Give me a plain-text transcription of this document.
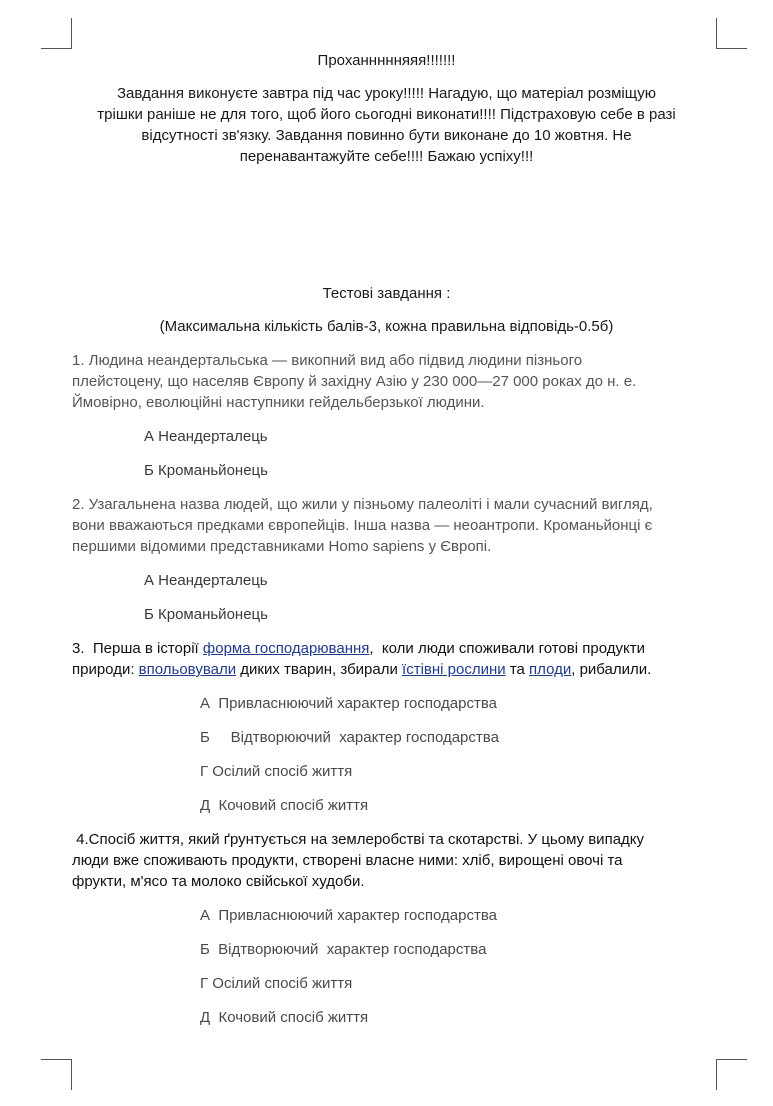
Проханнннняяя!!!!!!!
Завдання виконуєте завтра під час уроку!!!!! Нагадую, що матеріал розміщую
трішки раніше не для того, щоб його сьогодні виконати!!!! Підстраховую себе в разі
відсутності зв'язку. Завдання повинно бути виконане до 10 жовтня. Не
перенавантажуйте себе!!!! Бажаю успіху!!!
Тестові завдання :
(Максимальна кількість балів-3, кожна правильна відповідь-0.5б)
1. Людина неандертальська — викопний вид або підвид людини пізнього
плейстоцену, що населяв Європу й західну Азію у 230 000—27 000 роках до н. е.
Ймовірно, еволюційні наступники гейдельберзької людини.
А Неандерталець
Б Кроманьйонець
2. Узагальнена назва людей, що жили у пізньому палеоліті і мали сучасний вигляд,
вони вважаються предками європейців. Інша назва — неоантропи. Кроманьйонці є
першими відомими представниками Homo sapiens у Європі.
А Неандерталець
Б Кроманьйонець
3. Перша в історії форма господарювання,  коли люди споживали готові продукти
природи: впольовували диких тварин, збирали їстівні рослини та плоди, рибалили.
А  Привласнюючий характер господарства
Б     Відтворюючий  характер господарства
Г Осілий спосіб життя
Д  Кочовий спосіб життя
4.Спосіб життя, який ґрунтується на землеробстві та скотарстві. У цьому випадку
люди вже споживають продукти, створені власне ними: хліб, вирощені овочі та
фрукти, м'ясо та молоко свійської худоби.
А  Привласнюючий характер господарства
Б  Відтворюючий  характер господарства
Г Осілий спосіб життя
Д  Кочовий спосіб життя
